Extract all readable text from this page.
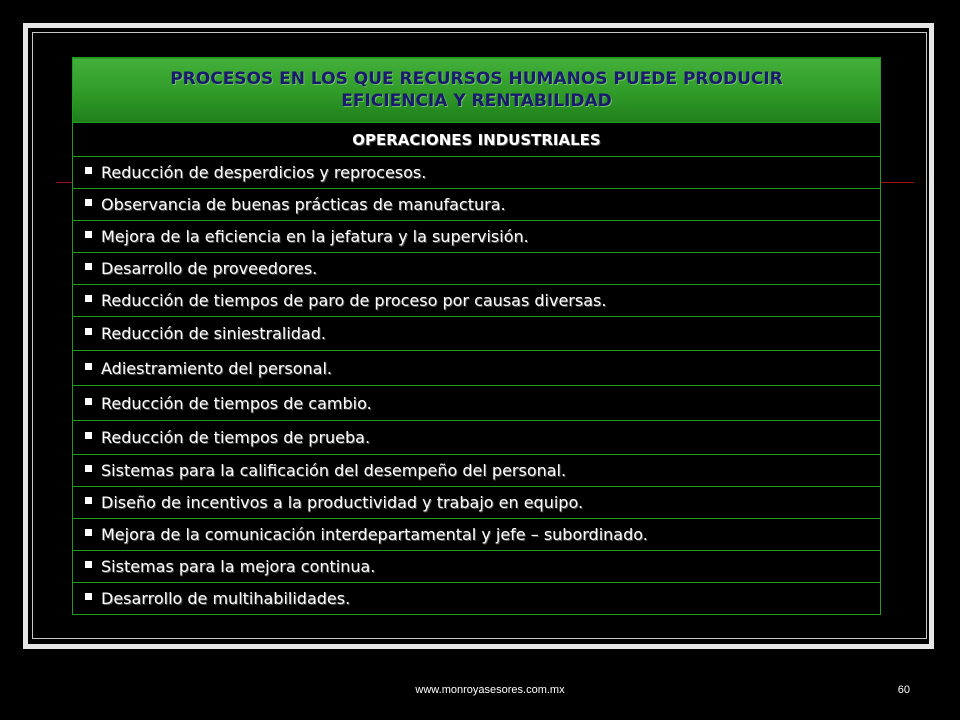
PROCESOS EN LOS QUE RECURSOS HUMANOS PUEDE PRODUCIR
EFICIENCIA Y RENTABILIDAD

OPERACIONES INDUSTRIALES

Reducción de desperdicios y reprocesos.

Observancia de buenas prácticas de manufactura.

Mejora de la eficiencia en la jefatura y la supervisión.

Desarrollo de proveedores.

Reducción de tiempos de paro de proceso por causas diversas.

Reducción de siniestralidad.

Adiestramiento del personal.

Reducción de tiempos de cambio.

Reducción de tiempos de prueba.

Sistemas para la calificación del desempeño del personal.

Diseño de incentivos a la productividad y trabajo en equipo.

Mejora de la comunicación interdepartamental y jefe – subordinado.

Sistemas para la mejora continua.

Desarrollo de multihabilidades.
www.monroyasesores.com.mx	60
